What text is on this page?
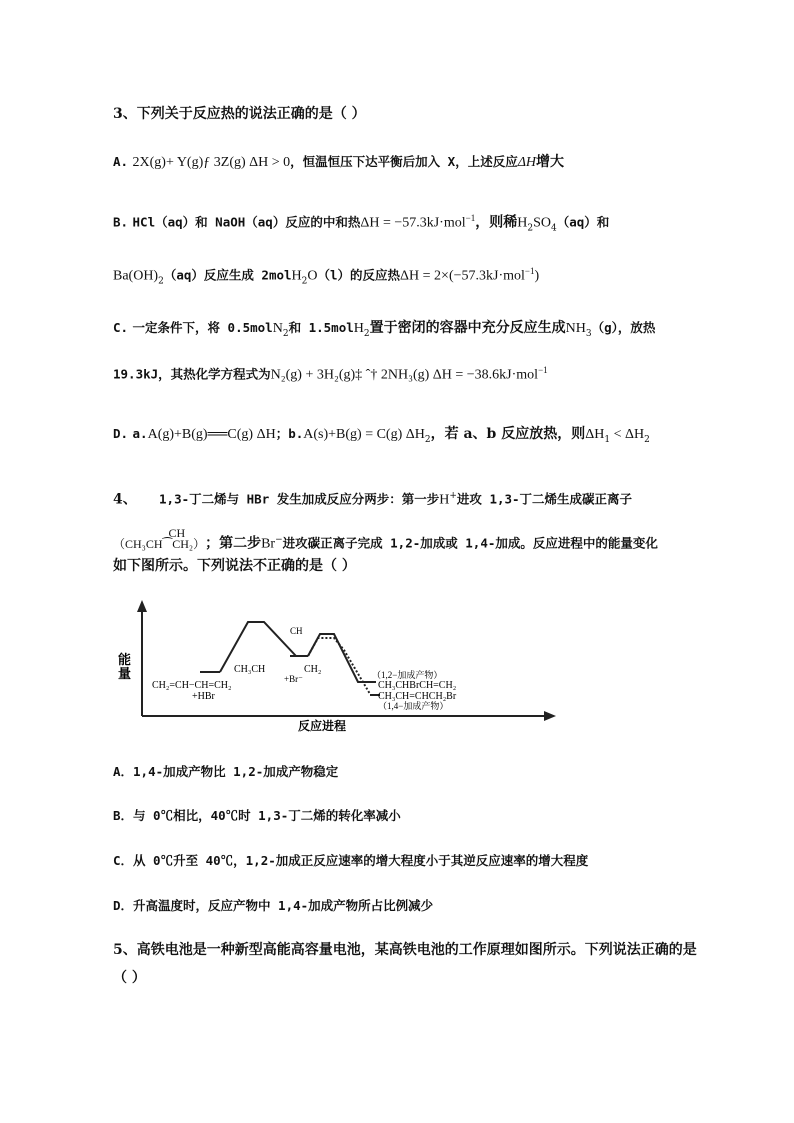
3、下列关于反应热的说法正确的是（ ）
A. 2X(g)+ Y(g)ƒ 3Z(g) ΔH > 0，恒温恒压下达平衡后加入 X，上述反应ΔH增大
B. HCl（aq）和 NaOH（aq）反应的中和热ΔH = −57.3kJ·mol$^{-1}$，则稀$H_2SO_4(aq)$和
$Ba(OH)_2(aq)$反应生成 2molH$_2$O（l）的反应热ΔH = 2×(−57.3kJ·mol$^{-1}$)
C. 一定条件下，将 0.5molN$_2$和 1.5molH$_2$置于密闭的容器中充分反应生成$NH_3(g)$，放热
19.3kJ，其热化学方程式为N₂(g) + 3H₂(g)‡ ˆ† 2NH₃(g) ΔH = −38.6kJ·mol$^{-1}$
D. a.A(g)+B(g)══C(g) ΔH；b.A(s)+B(g) = C(g) $\Delta H_2$，若 a、b 反应放热，则$\Delta H_1 < \Delta H_2$
4、 1,3-丁二烯与 HBr 发生加成反应分两步：第一步H+进攻 1,3-丁二烯生成碳正离子
（CH₃CH
CH
⁀CH₂）；第二步Br−进攻碳正离子完成 1,2-加成或 1,4-加成。反应进程中的能量变化
如下图所示。下列说法不正确的是（ ）
能
量
反应进程
CH₂=CH−CH=CH₂
+HBr
CH
CH₃CH	CH₂
+Br⁻	（1,2−加成产物）
CH₃CHBrCH=CH₂
CH₃CH=CHCH₂Br
（1,4−加成产物）
A．1,4-加成产物比 1,2-加成产物稳定
B．与 0℃相比，40℃时 1,3-丁二烯的转化率减小
C．从 0℃升至 40℃，1,2-加成正反应速率的增大程度小于其逆反应速率的增大程度
D．升高温度时，反应产物中 1,4-加成产物所占比例减少
5、高铁电池是一种新型高能高容量电池，某高铁电池的工作原理如图所示。下列说法正确的是
（ ）
